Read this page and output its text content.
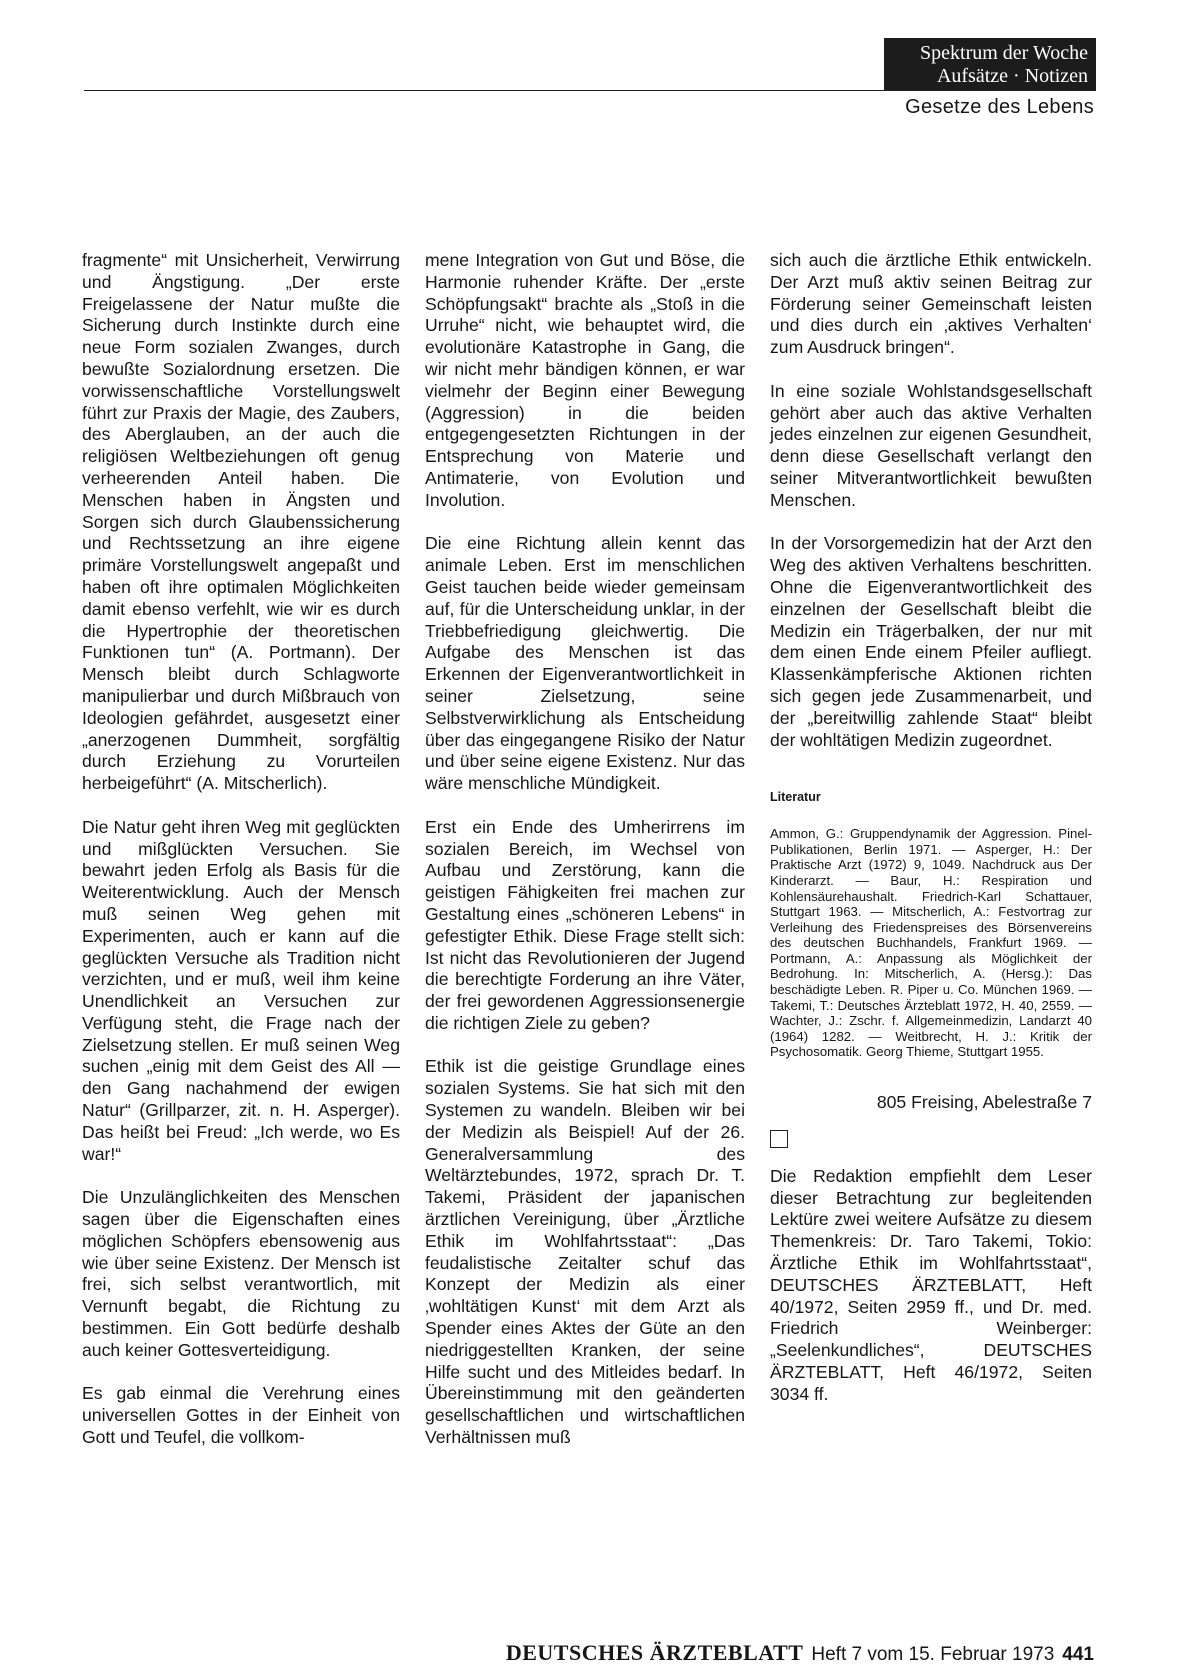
Spektrum der Woche
Aufsätze · Notizen
Gesetze des Lebens

fragmente“ mit Unsicherheit, Verwirrung und Ängstigung. „Der erste Freigelassene der Natur mußte die Sicherung durch Instinkte durch eine neue Form sozialen Zwanges, durch bewußte Sozialordnung ersetzen. Die vorwissenschaftliche Vorstellungswelt führt zur Praxis der Magie, des Zaubers, des Aberglauben, an der auch die religiösen Weltbeziehungen oft genug verheerenden Anteil haben. Die Menschen haben in Ängsten und Sorgen sich durch Glaubenssicherung und Rechtssetzung an ihre eigene primäre Vorstellungswelt angepaßt und haben oft ihre optimalen Möglichkeiten damit ebenso verfehlt, wie wir es durch die Hypertrophie der theoretischen Funktionen tun“ (A. Portmann). Der Mensch bleibt durch Schlagworte manipulierbar und durch Mißbrauch von Ideologien gefährdet, ausgesetzt einer „anerzogenen Dummheit, sorgfältig durch Erziehung zu Vorurteilen herbeigeführt“ (A. Mitscherlich).

Die Natur geht ihren Weg mit geglückten und mißglückten Versuchen. Sie bewahrt jeden Erfolg als Basis für die Weiterentwicklung. Auch der Mensch muß seinen Weg gehen mit Experimenten, auch er kann auf die geglückten Versuche als Tradition nicht verzichten, und er muß, weil ihm keine Unendlichkeit an Versuchen zur Verfügung steht, die Frage nach der Zielsetzung stellen. Er muß seinen Weg suchen „einig mit dem Geist des All — den Gang nachahmend der ewigen Natur“ (Grillparzer, zit. n. H. Asperger). Das heißt bei Freud: „Ich werde, wo Es war!“

Die Unzulänglichkeiten des Menschen sagen über die Eigenschaften eines möglichen Schöpfers ebensowenig aus wie über seine Existenz. Der Mensch ist frei, sich selbst verantwortlich, mit Vernunft begabt, die Richtung zu bestimmen. Ein Gott bedürfe deshalb auch keiner Gottesverteidigung.

Es gab einmal die Verehrung eines universellen Gottes in der Einheit von Gott und Teufel, die vollkom-

mene Integration von Gut und Böse, die Harmonie ruhender Kräfte. Der „erste Schöpfungsakt“ brachte als „Stoß in die Urruhe“ nicht, wie behauptet wird, die evolutionäre Katastrophe in Gang, die wir nicht mehr bändigen können, er war vielmehr der Beginn einer Bewegung (Aggression) in die beiden entgegengesetzten Richtungen in der Entsprechung von Materie und Antimaterie, von Evolution und Involution.

Die eine Richtung allein kennt das animale Leben. Erst im menschlichen Geist tauchen beide wieder gemeinsam auf, für die Unterscheidung unklar, in der Triebbefriedigung gleichwertig. Die Aufgabe des Menschen ist das Erkennen der Eigenverantwortlichkeit in seiner Zielsetzung, seine Selbstverwirklichung als Entscheidung über das eingegangene Risiko der Natur und über seine eigene Existenz. Nur das wäre menschliche Mündigkeit.

Erst ein Ende des Umherirrens im sozialen Bereich, im Wechsel von Aufbau und Zerstörung, kann die geistigen Fähigkeiten frei machen zur Gestaltung eines „schöneren Lebens“ in gefestigter Ethik. Diese Frage stellt sich: Ist nicht das Revolutionieren der Jugend die berechtigte Forderung an ihre Väter, der frei gewordenen Aggressionsenergie die richtigen Ziele zu geben?

Ethik ist die geistige Grundlage eines sozialen Systems. Sie hat sich mit den Systemen zu wandeln. Bleiben wir bei der Medizin als Beispiel! Auf der 26. Generalversammlung des Weltärztebundes, 1972, sprach Dr. T. Takemi, Präsident der japanischen ärztlichen Vereinigung, über „Ärztliche Ethik im Wohlfahrtsstaat“: „Das feudalistische Zeitalter schuf das Konzept der Medizin als einer ‚wohltätigen Kunst‘ mit dem Arzt als Spender eines Aktes der Güte an den niedriggestellten Kranken, der seine Hilfe sucht und des Mitleides bedarf. In Übereinstimmung mit den geänderten gesellschaftlichen und wirtschaftlichen Verhältnissen muß

sich auch die ärztliche Ethik entwickeln. Der Arzt muß aktiv seinen Beitrag zur Förderung seiner Gemeinschaft leisten und dies durch ein ‚aktives Verhalten‘ zum Ausdruck bringen“.

In eine soziale Wohlstandsgesellschaft gehört aber auch das aktive Verhalten jedes einzelnen zur eigenen Gesundheit, denn diese Gesellschaft verlangt den seiner Mitverantwortlichkeit bewußten Menschen.

In der Vorsorgemedizin hat der Arzt den Weg des aktiven Verhaltens beschritten. Ohne die Eigenverantwortlichkeit des einzelnen der Gesellschaft bleibt die Medizin ein Trägerbalken, der nur mit dem einen Ende einem Pfeiler aufliegt. Klassenkämpferische Aktionen richten sich gegen jede Zusammenarbeit, und der „bereitwillig zahlende Staat“ bleibt der wohltätigen Medizin zugeordnet.

Literatur

Ammon, G.: Gruppendynamik der Aggression. Pinel-Publikationen, Berlin 1971. — Asperger, H.: Der Praktische Arzt (1972) 9, 1049. Nachdruck aus Der Kinderarzt. — Baur, H.: Respiration und Kohlensäurehaushalt. Friedrich-Karl Schattauer, Stuttgart 1963. — Mitscherlich, A.: Festvortrag zur Verleihung des Friedenspreises des Börsenvereins des deutschen Buchhandels, Frankfurt 1969. — Portmann, A.: Anpassung als Möglichkeit der Bedrohung. In: Mitscherlich, A. (Hersg.): Das beschädigte Leben. R. Piper u. Co. München 1969. — Takemi, T.: Deutsches Ärzteblatt 1972, H. 40, 2559. — Wachter, J.: Zschr. f. Allgemeinmedizin, Landarzt 40 (1964) 1282. — Weitbrecht, H. J.: Kritik der Psychosomatik. Georg Thieme, Stuttgart 1955.

805 Freising, Abelestraße 7

Die Redaktion empfiehlt dem Leser dieser Betrachtung zur begleitenden Lektüre zwei weitere Aufsätze zu diesem Themenkreis: Dr. Taro Takemi, Tokio: Ärztliche Ethik im Wohlfahrtsstaat“, DEUTSCHES ÄRZTEBLATT, Heft 40/1972, Seiten 2959 ff., und Dr. med. Friedrich Weinberger: „Seelenkundliches“, DEUTSCHES ÄRZTEBLATT, Heft 46/1972, Seiten 3034 ff.

DEUTSCHES ÄRZTEBLATT Heft 7 vom 15. Februar 1973 441
